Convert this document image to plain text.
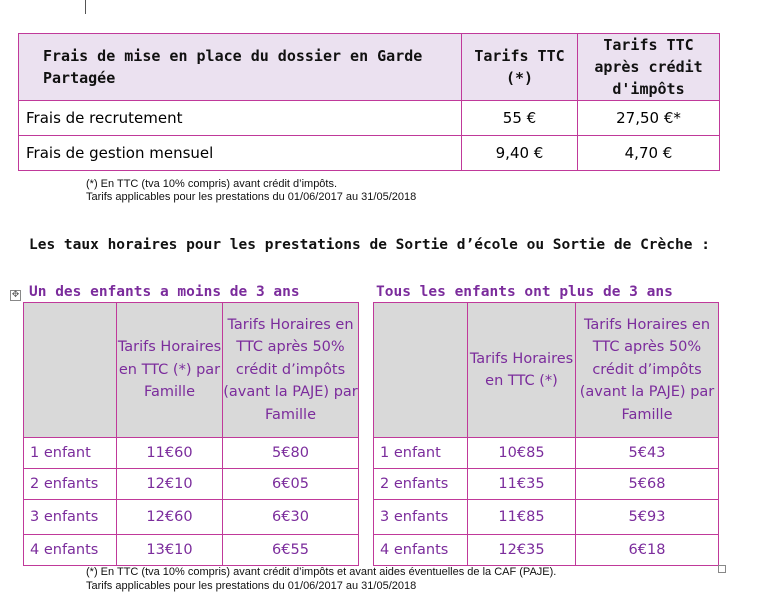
Frais de mise en place du dossier en Garde Partagée	Tarifs TTC (*)	Tarifs TTC après crédit d'impôts
Frais de recrutement	55 €	27,50 €*
Frais de gestion mensuel	9,40 €	4,70 €
(*) En TTC (tva 10% compris) avant crédit d’impôts.
Tarifs applicables pour les prestations du 01/06/2017 au 31/05/2018
Les taux horaires pour les prestations de Sortie d’école ou Sortie de Crèche :
Un des enfants a moins de 3 ans	Tous les enfants ont plus de 3 ans
✥
	Tarifs Horaires en TTC (*) par Famille	Tarifs Horaires en TTC après 50% crédit d’impôts (avant la PAJE) par Famille
1 enfant	11€60	5€80
2 enfants	12€10	6€05
3 enfants	12€60	6€30
4 enfants	13€10	6€55
	Tarifs Horaires en TTC (*)	Tarifs Horaires en TTC après 50% crédit d’impôts (avant la PAJE) par Famille
1 enfant	10€85	5€43
2 enfants	11€35	5€68
3 enfants	11€85	5€93
4 enfants	12€35	6€18
(*) En TTC (tva 10% compris) avant crédit d’impôts et avant aides éventuelles de la CAF (PAJE).
Tarifs applicables pour les prestations du 01/06/2017 au 31/05/2018
